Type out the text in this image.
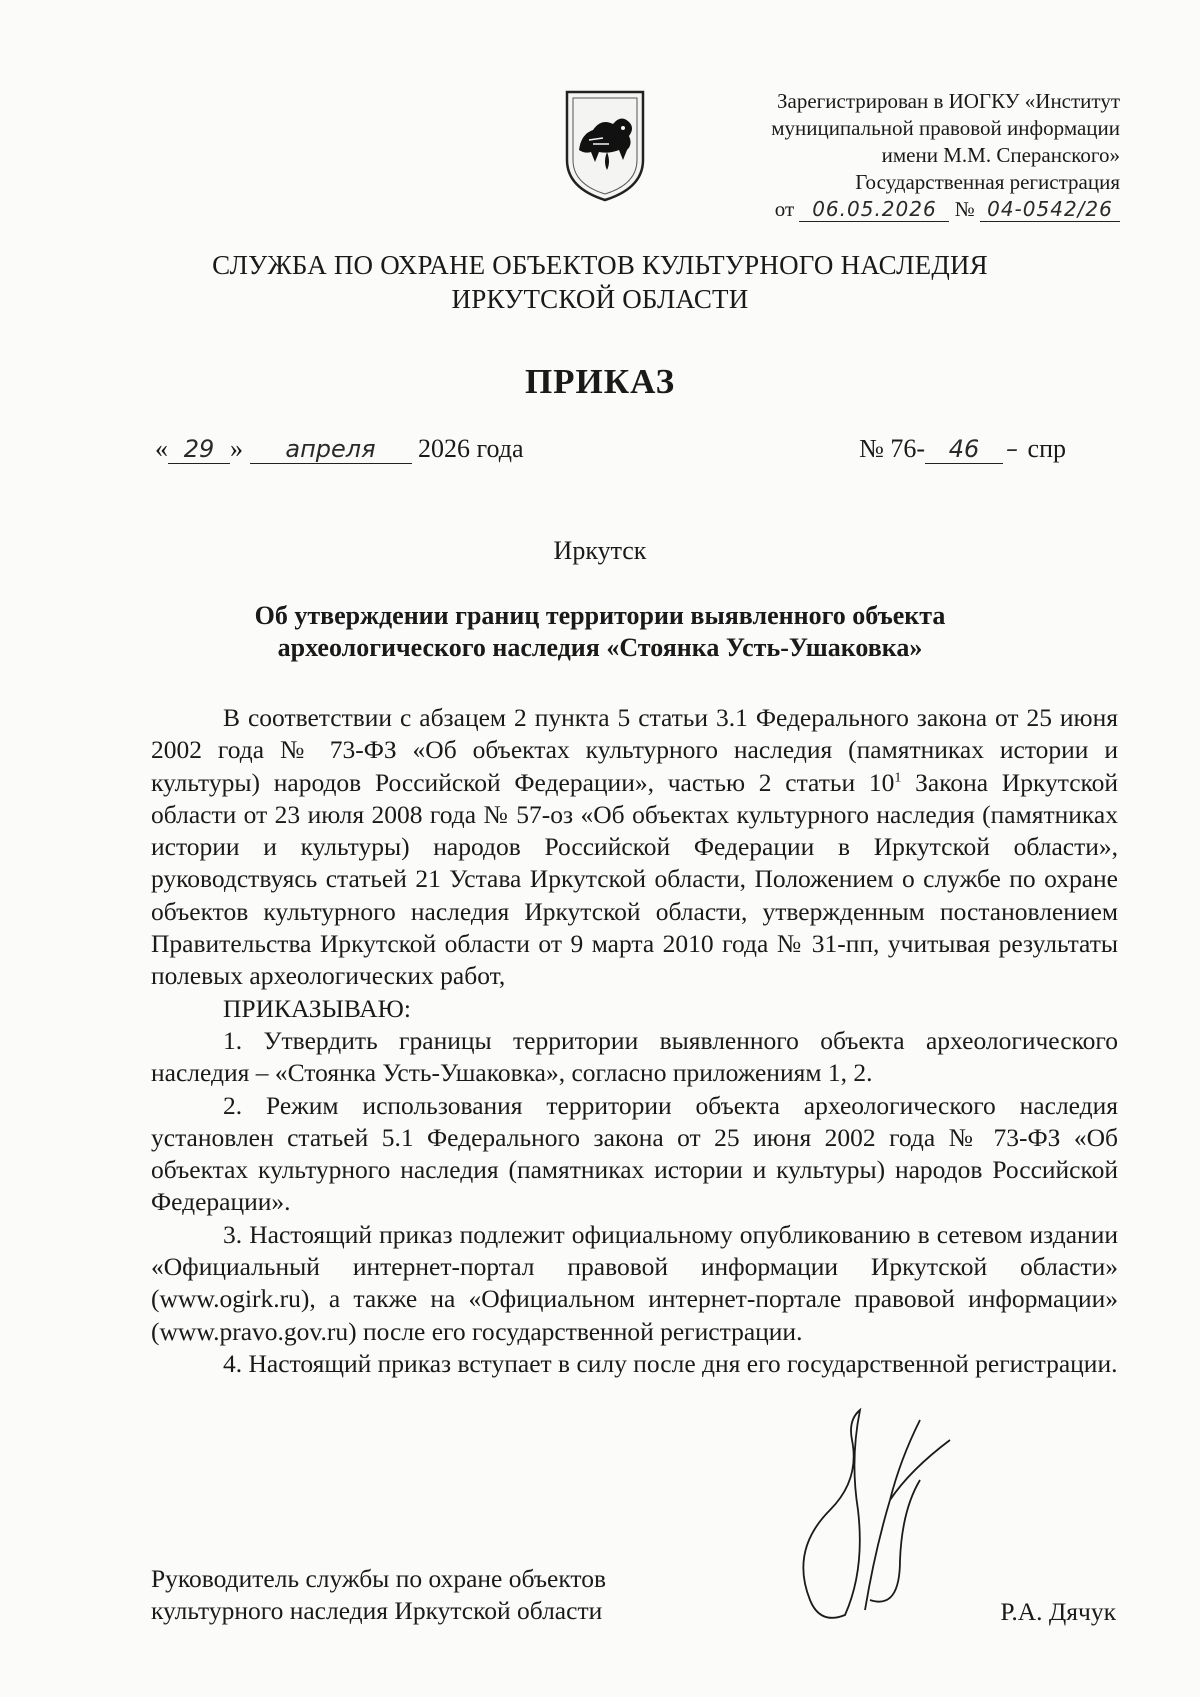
Зарегистрирован в ИОГКУ «Институт
муниципальной правовой информации
имени М.М. Сперанского»
Государственная регистрация
от 06.05.2026 № 04-0542/26
СЛУЖБА ПО ОХРАНЕ ОБЪЕКТОВ КУЛЬТУРНОГО НАСЛЕДИЯ
ИРКУТСКОЙ ОБЛАСТИ
ПРИКАЗ
« 29 » апреля 2026 года	№ 76- 46 – спр
Иркутск
Об утверждении границ территории выявленного объекта
археологического наследия «Стоянка Усть-Ушаковка»

В соответствии с абзацем 2 пункта 5 статьи 3.1 Федерального закона от 25 июня 2002 года № 73-ФЗ «Об объектах культурного наследия (памятниках истории и культуры) народов Российской Федерации», частью 2 статьи $10^1$ Закона Иркутской области от 23 июля 2008 года № 57-оз «Об объектах культурного наследия (памятниках истории и культуры) народов Российской Федерации в Иркутской области», руководствуясь статьей 21 Устава Иркутской области, Положением о службе по охране объектов культурного наследия Иркутской области, утвержденным постановлением Правительства Иркутской области от 9 марта 2010 года № 31-пп, учитывая результаты полевых археологических работ,

ПРИКАЗЫВАЮ:

1. Утвердить границы территории выявленного объекта археологического наследия – «Стоянка Усть-Ушаковка», согласно приложениям 1, 2.

2. Режим использования территории объекта археологического наследия установлен статьей 5.1 Федерального закона от 25 июня 2002 года № 73-ФЗ «Об объектах культурного наследия (памятниках истории и культуры) народов Российской Федерации».

3. Настоящий приказ подлежит официальному опубликованию в сетевом издании «Официальный интернет-портал правовой информации Иркутской области» (www.ogirk.ru), а также на «Официальном интернет-портале правовой информации» (www.pravo.gov.ru) после его государственной регистрации.

4. Настоящий приказ вступает в силу после дня его государственной регистрации.

Руководитель службы по охране объектов
культурного наследия Иркутской области	Р.А. Дячук
